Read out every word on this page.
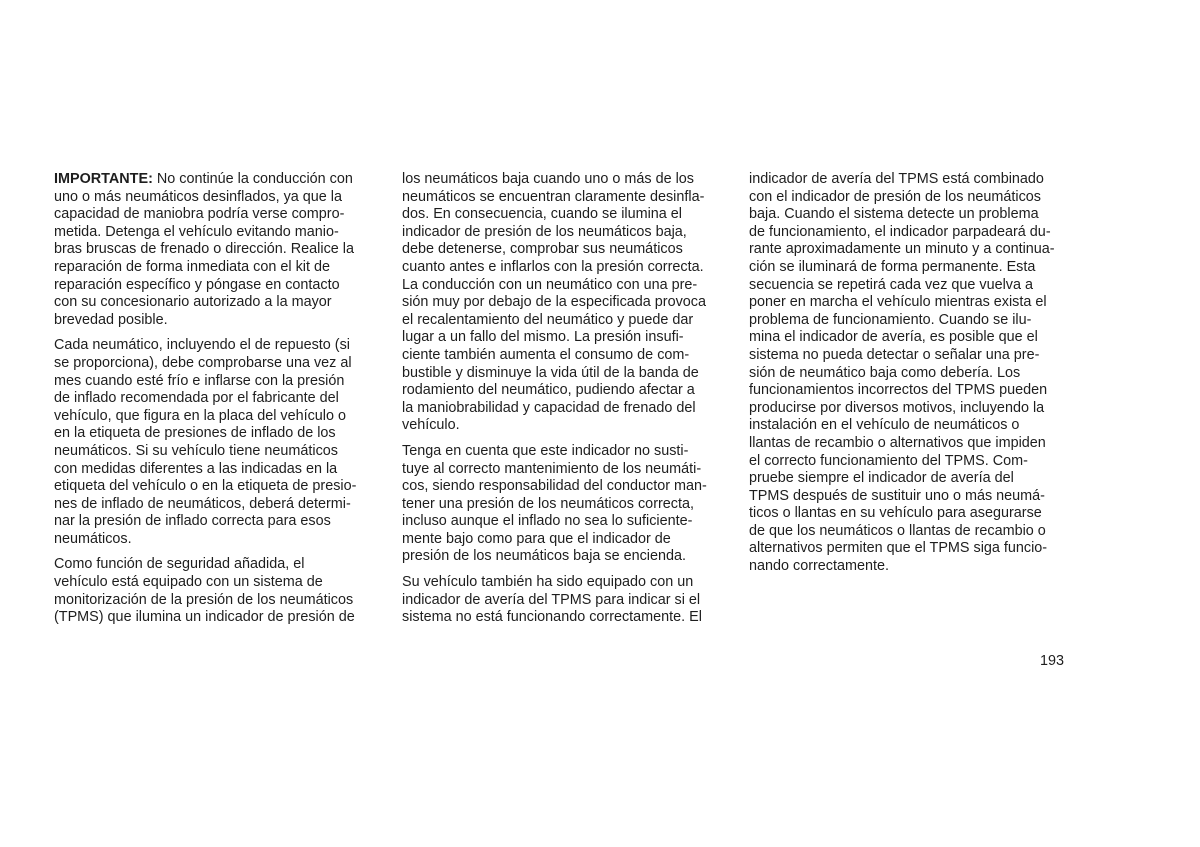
IMPORTANTE: No continúe la conducción con
uno o más neumáticos desinflados, ya que la
capacidad de maniobra podría verse compro-
metida. Detenga el vehículo evitando manio-
bras bruscas de frenado o dirección. Realice la
reparación de forma inmediata con el kit de
reparación específico y póngase en contacto
con su concesionario autorizado a la mayor
brevedad posible.

Cada neumático, incluyendo el de repuesto (si
se proporciona), debe comprobarse una vez al
mes cuando esté frío e inflarse con la presión
de inflado recomendada por el fabricante del
vehículo, que figura en la placa del vehículo o
en la etiqueta de presiones de inflado de los
neumáticos. Si su vehículo tiene neumáticos
con medidas diferentes a las indicadas en la
etiqueta del vehículo o en la etiqueta de presio-
nes de inflado de neumáticos, deberá determi-
nar la presión de inflado correcta para esos
neumáticos.

Como función de seguridad añadida, el
vehículo está equipado con un sistema de
monitorización de la presión de los neumáticos
(TPMS) que ilumina un indicador de presión de

los neumáticos baja cuando uno o más de los
neumáticos se encuentran claramente desinfla-
dos. En consecuencia, cuando se ilumina el
indicador de presión de los neumáticos baja,
debe detenerse, comprobar sus neumáticos
cuanto antes e inflarlos con la presión correcta.
La conducción con un neumático con una pre-
sión muy por debajo de la especificada provoca
el recalentamiento del neumático y puede dar
lugar a un fallo del mismo. La presión insufi-
ciente también aumenta el consumo de com-
bustible y disminuye la vida útil de la banda de
rodamiento del neumático, pudiendo afectar a
la maniobrabilidad y capacidad de frenado del
vehículo.

Tenga en cuenta que este indicador no susti-
tuye al correcto mantenimiento de los neumáti-
cos, siendo responsabilidad del conductor man-
tener una presión de los neumáticos correcta,
incluso aunque el inflado no sea lo suficiente-
mente bajo como para que el indicador de
presión de los neumáticos baja se encienda.

Su vehículo también ha sido equipado con un
indicador de avería del TPMS para indicar si el
sistema no está funcionando correctamente. El

indicador de avería del TPMS está combinado
con el indicador de presión de los neumáticos
baja. Cuando el sistema detecte un problema
de funcionamiento, el indicador parpadeará du-
rante aproximadamente un minuto y a continua-
ción se iluminará de forma permanente. Esta
secuencia se repetirá cada vez que vuelva a
poner en marcha el vehículo mientras exista el
problema de funcionamiento. Cuando se ilu-
mina el indicador de avería, es posible que el
sistema no pueda detectar o señalar una pre-
sión de neumático baja como debería. Los
funcionamientos incorrectos del TPMS pueden
producirse por diversos motivos, incluyendo la
instalación en el vehículo de neumáticos o
llantas de recambio o alternativos que impiden
el correcto funcionamiento del TPMS. Com-
pruebe siempre el indicador de avería del
TPMS después de sustituir uno o más neumá-
ticos o llantas en su vehículo para asegurarse
de que los neumáticos o llantas de recambio o
alternativos permiten que el TPMS siga funcio-
nando correctamente.

193
